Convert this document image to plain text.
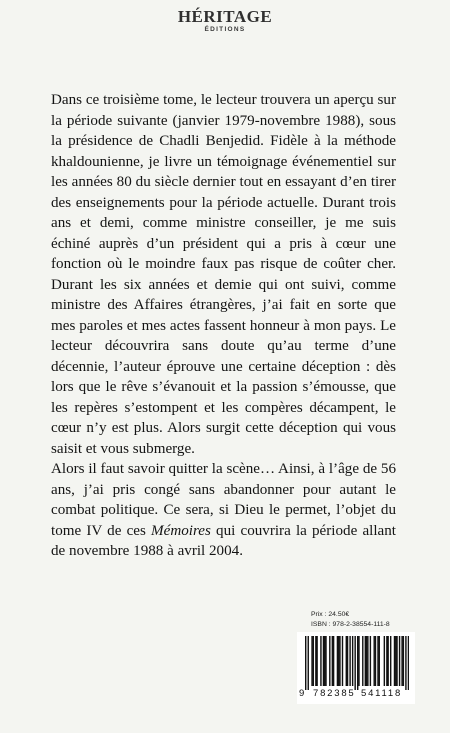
HÉRITAGE
ÉDITIONS

Dans ce troisième tome, le lecteur trouvera un aperçu sur la période suivante (janvier 1979-novembre 1988), sous la présidence de Chadli Benjedid. Fidèle à la méthode khaldounienne, je livre un témoignage événementiel sur les années 80 du siècle dernier tout en essayant d’en tirer des enseignements pour la période actuelle. Durant trois ans et demi, comme ministre conseiller, je me suis échiné auprès d’un président qui a pris à cœur une fonction où le moindre faux pas risque de coûter cher. Durant les six années et demie qui ont suivi, comme ministre des Affaires étrangères, j’ai fait en sorte que mes paroles et mes actes fassent honneur à mon pays. Le lecteur découvrira sans doute qu’au terme d’une décennie, l’auteur éprouve une certaine déception : dès lors que le rêve s’évanouit et la passion s’émousse, que les repères s’estompent et les compères décampent, le cœur n’y est plus. Alors surgit cette déception qui vous saisit et vous submerge.

Alors il faut savoir quitter la scène… Ainsi, à l’âge de 56 ans, j’ai pris congé sans abandonner pour autant le combat politique. Ce sera, si Dieu le permet, l’objet du tome IV de ces Mémoires qui couvrira la période allant de novembre 1988 à avril 2004.

Prix : 24.50€
ISBN : 978-2-38554-111-8
9 782385 541118
